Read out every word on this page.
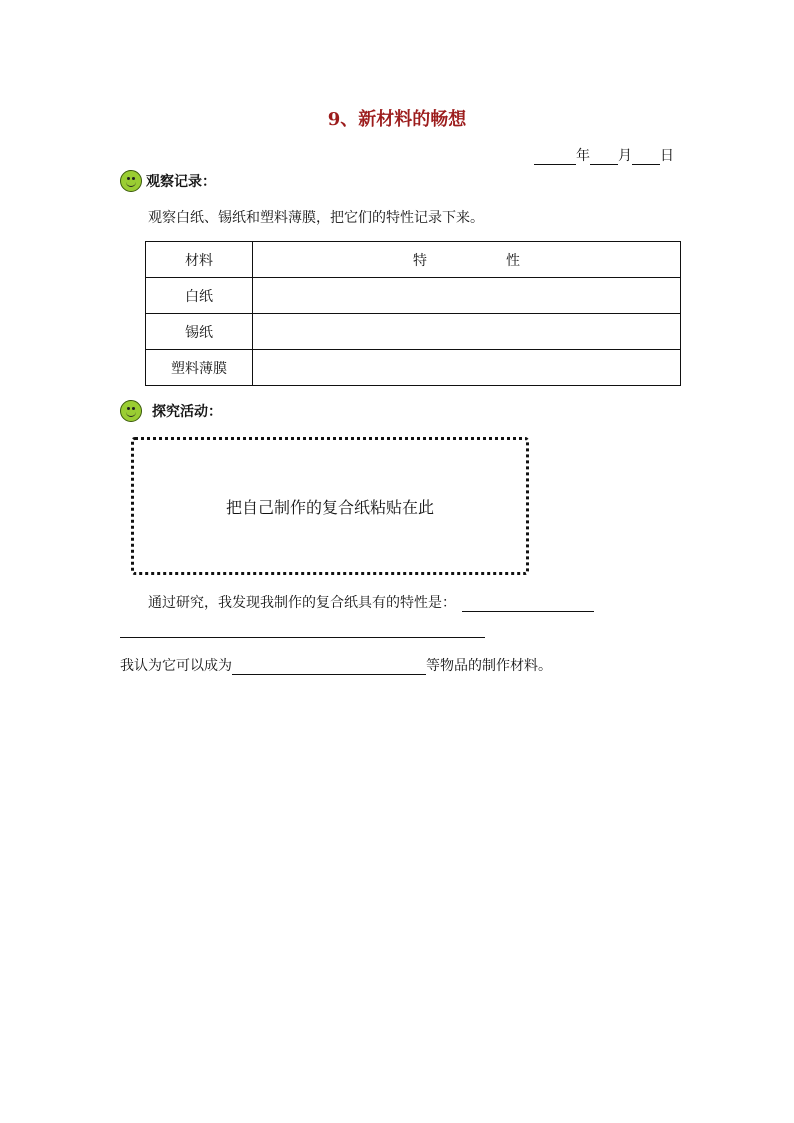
9、新材料的畅想
年 月 日
观察记录：
观察白纸、锡纸和塑料薄膜，把它们的特性记录下来。
材料	特 性
白纸	
锡纸	
塑料薄膜	
探究活动：
把自己制作的复合纸粘贴在此
通过研究，我发现我制作的复合纸具有的特性是：
我认为它可以成为	等物品的制作材料。
